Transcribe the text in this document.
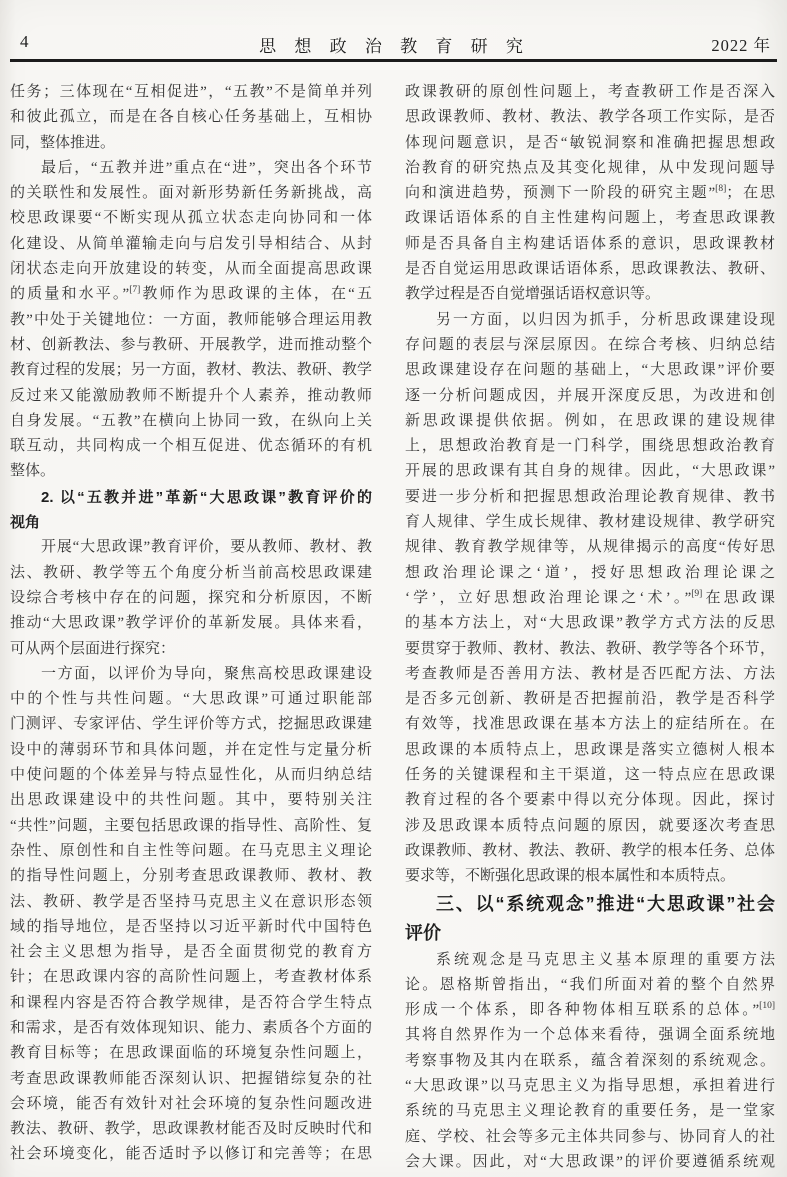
4	思 想 政 治 教 育 研 究	2022 年
任务；三体现在“互相促进”，“五教”不是简单并列
和彼此孤立，而是在各自核心任务基础上，互相协
同，整体推进。
最后，“五教并进”重点在“进”，突出各个环节
的关联性和发展性。面对新形势新任务新挑战，高
校思政课要“不断实现从孤立状态走向协同和一体
化建设、从简单灌输走向与启发引导相结合、从封
闭状态走向开放建设的转变，从而全面提高思政课
的质量和水平。”[7]教师作为思政课的主体，在“五
教”中处于关键地位：一方面，教师能够合理运用教
材、创新教法、参与教研、开展教学，进而推动整个
教育过程的发展；另一方面，教材、教法、教研、教学
反过来又能激励教师不断提升个人素养，推动教师
自身发展。“五教”在横向上协同一致，在纵向上关
联互动，共同构成一个相互促进、优态循环的有机
整体。
2. 以“五教并进”革新“大思政课”教育评价的
视角
开展“大思政课”教育评价，要从教师、教材、教
法、教研、教学等五个角度分析当前高校思政课建
设综合考核中存在的问题，探究和分析原因，不断
推动“大思政课”教学评价的革新发展。具体来看，
可从两个层面进行探究：
一方面，以评价为导向，聚焦高校思政课建设
中的个性与共性问题。“大思政课”可通过职能部
门测评、专家评估、学生评价等方式，挖掘思政课建
设中的薄弱环节和具体问题，并在定性与定量分析
中使问题的个体差异与特点显性化，从而归纳总结
出思政课建设中的共性问题。其中，要特别关注
“共性”问题，主要包括思政课的指导性、高阶性、复
杂性、原创性和自主性等问题。在马克思主义理论
的指导性问题上，分别考查思政课教师、教材、教
法、教研、教学是否坚持马克思主义在意识形态领
域的指导地位，是否坚持以习近平新时代中国特色
社会主义思想为指导，是否全面贯彻党的教育方
针；在思政课内容的高阶性问题上，考查教材体系
和课程内容是否符合教学规律，是否符合学生特点
和需求，是否有效体现知识、能力、素质各个方面的
教育目标等；在思政课面临的环境复杂性问题上，
考查思政课教师能否深刻认识、把握错综复杂的社
会环境，能否有效针对社会环境的复杂性问题改进
教法、教研、教学，思政课教材能否及时反映时代和
社会环境变化，能否适时予以修订和完善等；在思
政课教研的原创性问题上，考查教研工作是否深入
思政课教师、教材、教法、教学各项工作实际，是否
体现问题意识，是否“敏锐洞察和准确把握思想政
治教育的研究热点及其变化规律，从中发现问题导
向和演进趋势，预测下一阶段的研究主题”[8]；在思
政课话语体系的自主性建构问题上，考查思政课教
师是否具备自主构建话语体系的意识，思政课教材
是否自觉运用思政课话语体系，思政课教法、教研、
教学过程是否自觉增强话语权意识等。
另一方面，以归因为抓手，分析思政课建设现
存问题的表层与深层原因。在综合考核、归纳总结
思政课建设存在问题的基础上，“大思政课”评价要
逐一分析问题成因，并展开深度反思，为改进和创
新思政课提供依据。例如，在思政课的建设规律
上，思想政治教育是一门科学，围绕思想政治教育
开展的思政课有其自身的规律。因此，“大思政课”
要进一步分析和把握思想政治理论教育规律、教书
育人规律、学生成长规律、教材建设规律、教学研究
规律、教育教学规律等，从规律揭示的高度“传好思
想政治理论课之‘道’，授好思想政治理论课之
‘学’，立好思想政治理论课之‘术’。”[9]在思政课
的基本方法上，对“大思政课”教学方式方法的反思
要贯穿于教师、教材、教法、教研、教学等各个环节，
考查教师是否善用方法、教材是否匹配方法、方法
是否多元创新、教研是否把握前沿，教学是否科学
有效等，找准思政课在基本方法上的症结所在。在
思政课的本质特点上，思政课是落实立德树人根本
任务的关键课程和主干渠道，这一特点应在思政课
教育过程的各个要素中得以充分体现。因此，探讨
涉及思政课本质特点问题的原因，就要逐次考查思
政课教师、教材、教法、教研、教学的根本任务、总体
要求等，不断强化思政课的根本属性和本质特点。
三、以“系统观念”推进“大思政课”社会
评价
系统观念是马克思主义基本原理的重要方法
论。恩格斯曾指出，“我们所面对着的整个自然界
形成一个体系，即各种物体相互联系的总体。”[10]
其将自然界作为一个总体来看待，强调全面系统地
考察事物及其内在联系，蕴含着深刻的系统观念。
“大思政课”以马克思主义为指导思想，承担着进行
系统的马克思主义理论教育的重要任务，是一堂家
庭、学校、社会等多元主体共同参与、协同育人的社
会大课。因此，对“大思政课”的评价要遵循系统观
